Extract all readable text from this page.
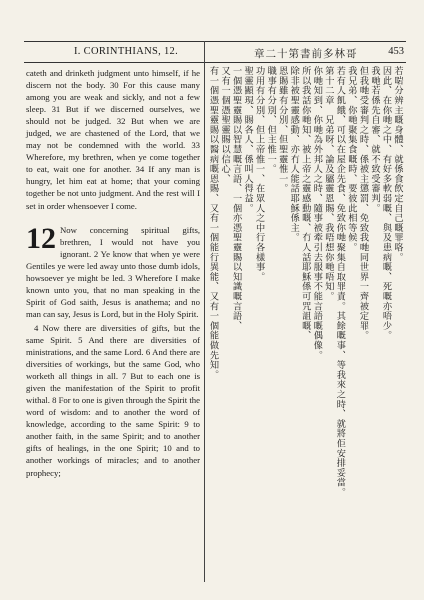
I. CORINTHIANS, 12.	章二十第書前多林哥	453

cateth and drinketh judgment unto himself, if he discern not the body. 30 For this cause many among you are weak and sickly, and not a few sleep. 31 But if we discerned ourselves, we should not be judged. 32 But when we are judged, we are chastened of the Lord, that we may not be condemned with the world. 33 Wherefore, my brethren, when ye come together to eat, wait one for another. 34 If any man is hungry, let him eat at home; that your coming together be not unto judgment. And the rest will I set in order whensoever I come.

12 Now concerning spiritual gifts, brethren, I would not have you ignorant. 2 Ye know that when ye were Gentiles ye were led away unto those dumb idols, howsoever ye might be led. 3 Wherefore I make known unto you, that no man speaking in the Spirit of God saith, Jesus is anathema; and no man can say, Jesus is Lord, but in the Holy Spirit.

4 Now there are diversities of gifts, but the same Spirit. 5 And there are diversities of ministrations, and the same Lord. 6 And there are diversities of workings, but the same God, who worketh all things in all. 7 But to each one is given the manifestation of the Spirit to profit withal. 8 For to one is given through the Spirit the word of wisdom: and to another the word of knowledge, according to the same Spirit: 9 to another faith, in the same Spirit; and to another gifts of healings, in the one Spirit; 10 and to another workings of miracles; and to another prophecy;

若啱分辨主嘅身體、就係食飲定自己嘅罪咯。
因此、在你哋之中、有好多軟弱嘅、與及患病嘅、死嘅亦唔少。
我哋若係先自審、就不致受審判。
但我哋受審判之時、係被主懲罰、免致我哋同世界一齊被定罪。
我兄弟、你哋聚集食嘅時、要彼此相等候。
若有人飢餓、可以在屋企先食、免致你哋聚集自取罪責。其餘嘅事、等我來之時、就將佢安排妥當。
第十二章　兄弟呀、論及屬靈恩賜、我唔想你哋唔知。
你哋知到、你哋為外邦人之時、隨事被牽引去服事不能言語嘅偶像。
所以我話你哋知、被上帝之靈感動嘅、冇人話耶穌係可咒詛嘅、
除非被聖靈感動、亦冇人能話耶穌係主。
恩賜雖有分別、但聖靈惟一。
職事有分別、但主惟一。
功用有分別、但上帝惟一、在眾人之中行各樣事。
聖靈顯現、賜各人、係叫人得益。
一個憑聖靈賜以智慧嘅言語、一個亦憑聖靈賜以知識嘅言語、
又有一個憑聖靈賜以信心、
有一個憑聖靈賜以醫病嘅恩賜、又有一個能行異能、又有一個能做先知。
